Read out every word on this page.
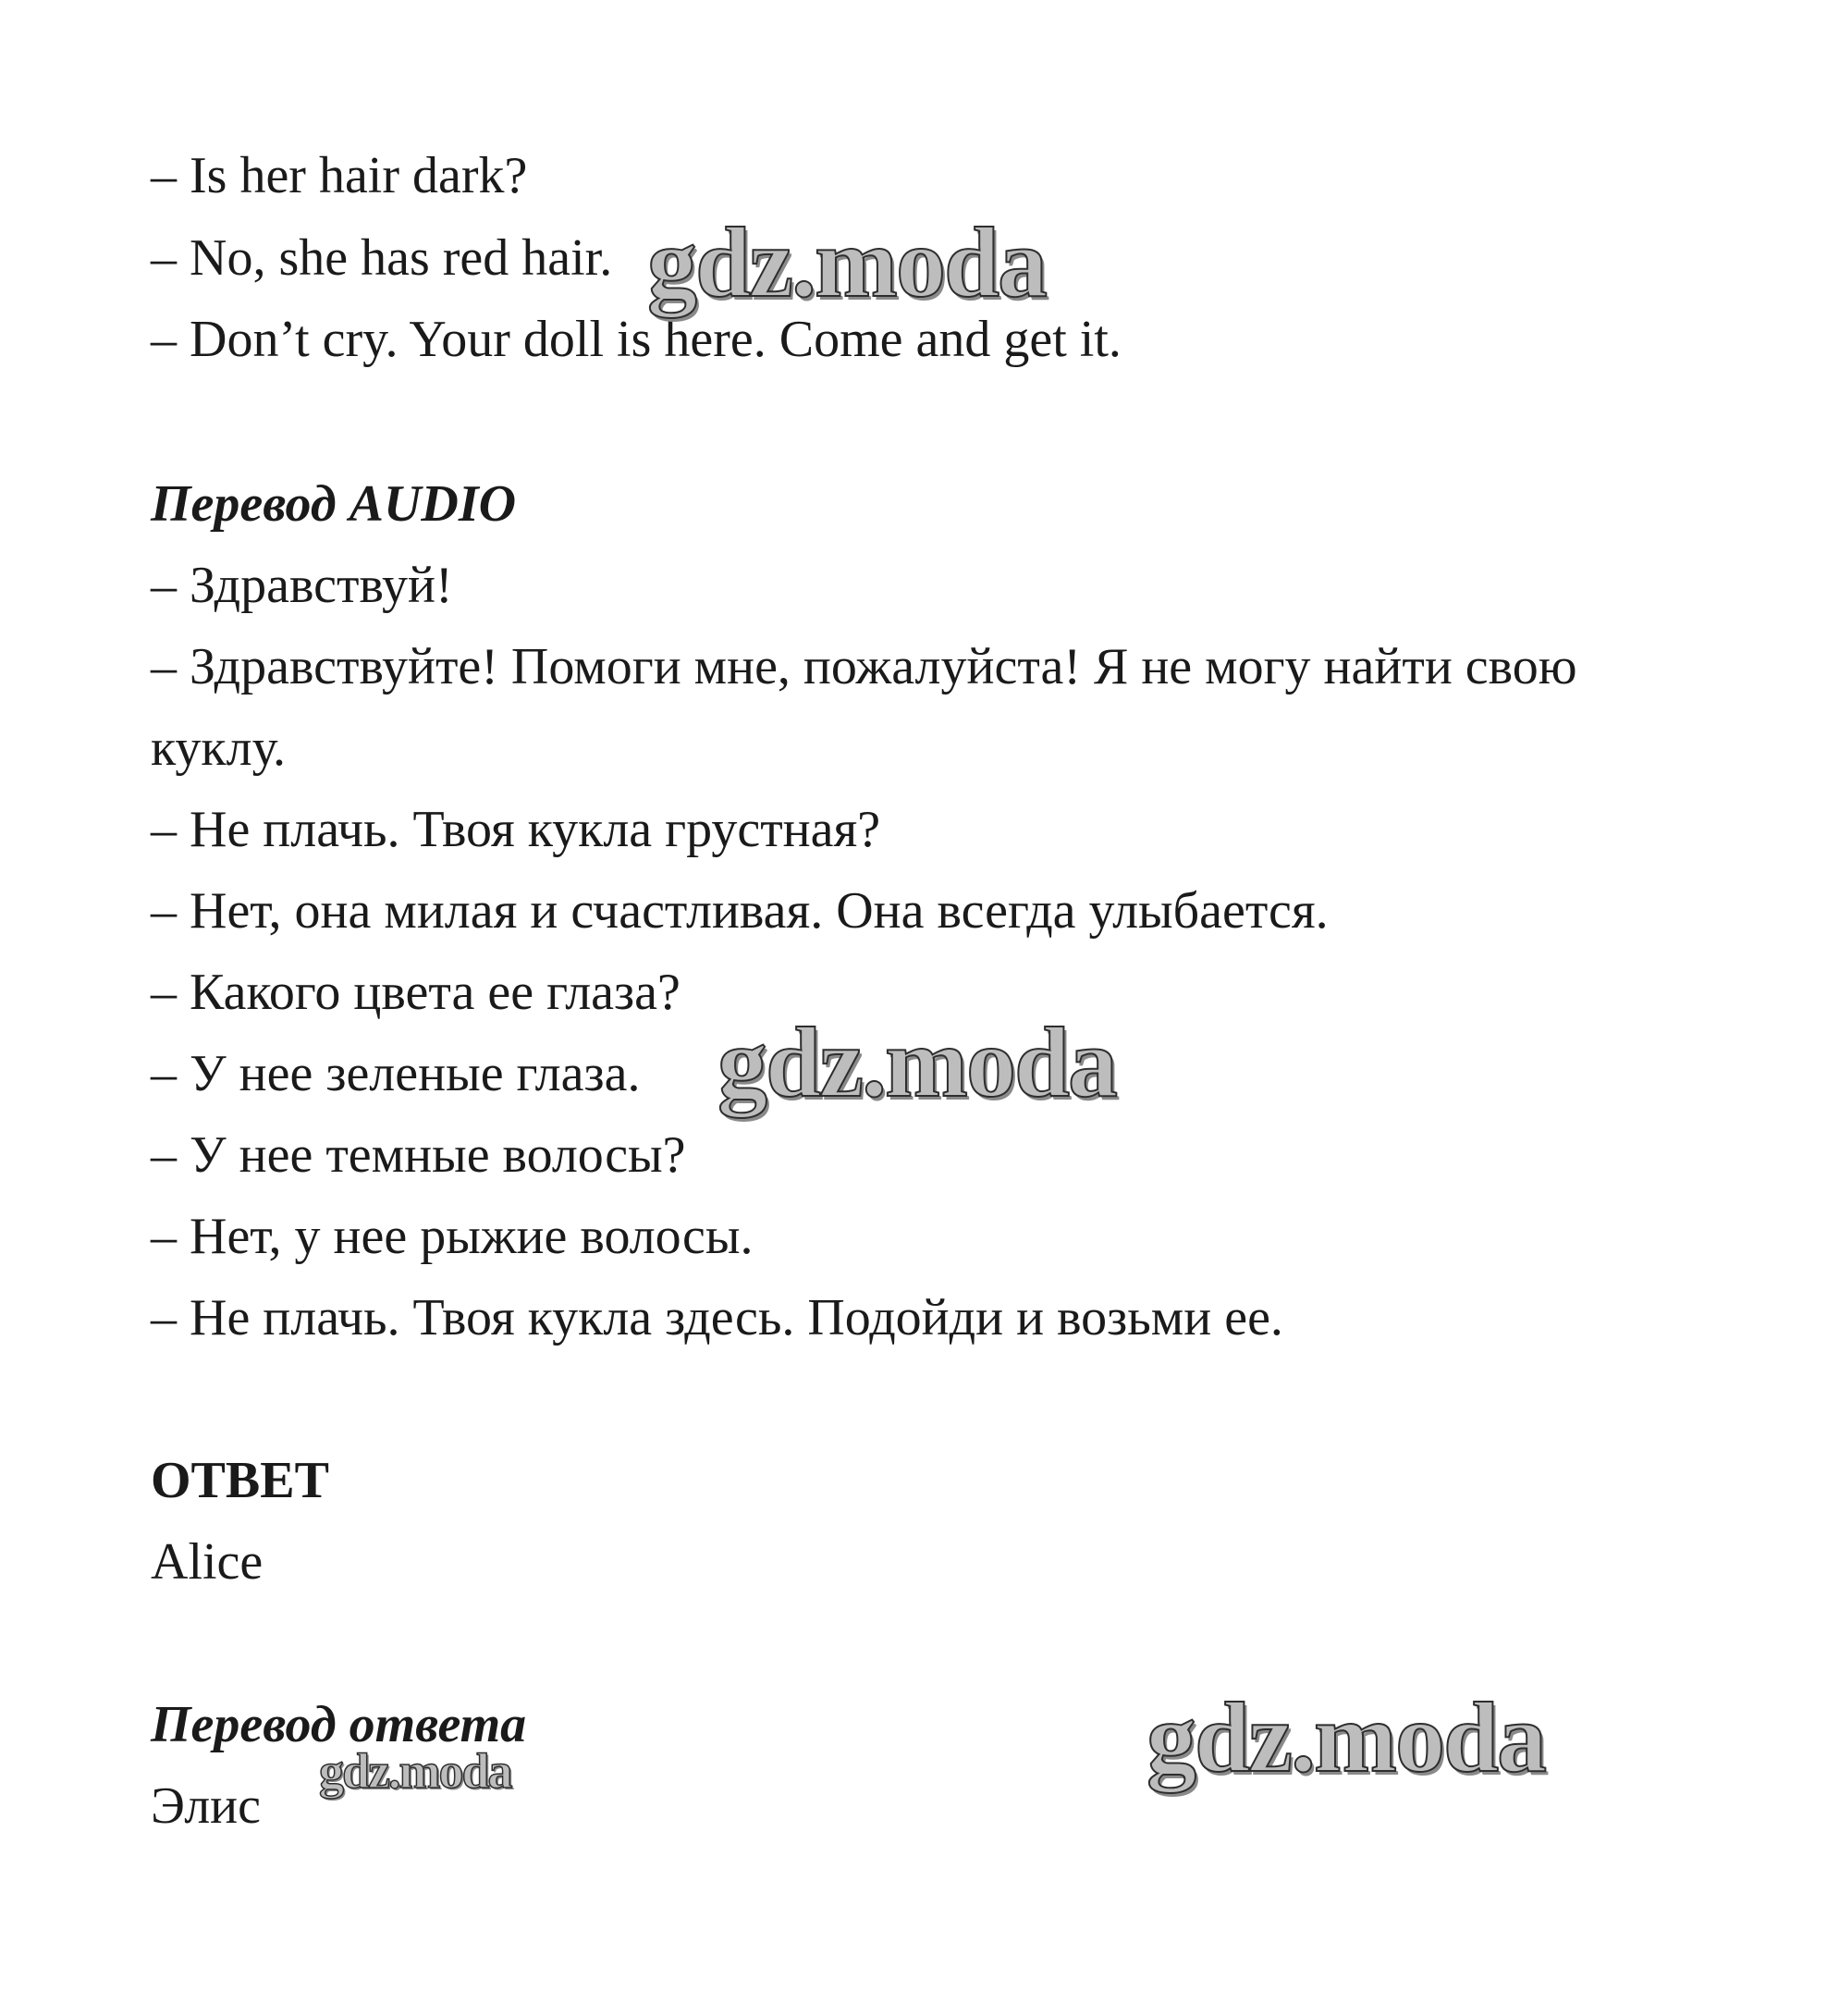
– Is her hair dark?

– No, she has red hair.

– Don’t cry. Your doll is here. Come and get it.

Перевод AUDIO

– Здравствуй!

– Здравствуйте! Помоги мне, пожалуйста! Я не могу найти свою

куклу.

– Не плачь. Твоя кукла грустная?

– Нет, она милая и счастливая. Она всегда улыбается.

– Какого цвета ее глаза?

– У нее зеленые глаза.

– У нее темные волосы?

– Нет, у нее рыжие волосы.

– Не плачь. Твоя кукла здесь. Подойди и возьми ее.

ОТВЕТ

Alice

Перевод ответа

Элис

gdz.moda

gdz.moda

gdz.moda

gdz.moda
